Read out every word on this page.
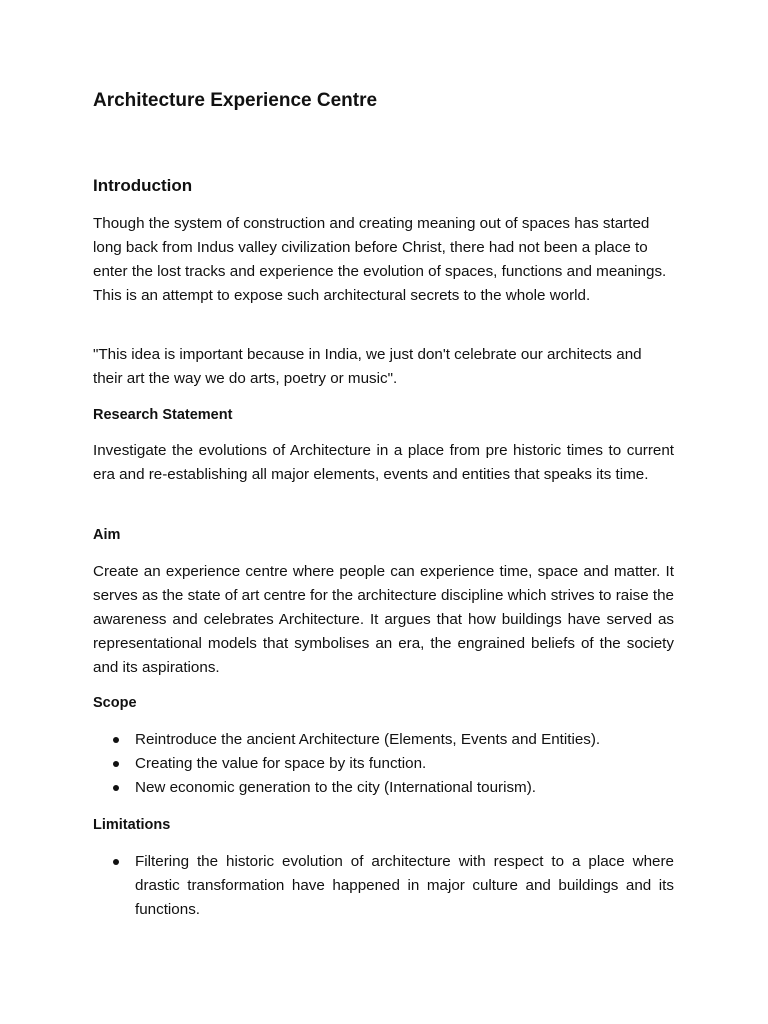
Architecture Experience Centre
Introduction

Though the system of construction and creating meaning out of spaces has started long back from Indus valley civilization before Christ, there had not been a place to enter the lost tracks and experience the evolution of spaces, functions and meanings. This is an attempt to expose such architectural secrets to the whole world.

"This idea is important because in India, we just don't celebrate our architects and their art the way we do arts, poetry or music".

Research Statement

Investigate the evolutions of Architecture in a place from pre historic times to current era and re-establishing all major elements, events and entities that speaks its time.

Aim

Create an experience centre where people can experience time, space and matter. It serves as the state of art centre for the architecture discipline which strives to raise the awareness and celebrates Architecture. It argues that how buildings have served as representational models that symbolises an era, the engrained beliefs of the society and its aspirations.

Scope
Reintroduce the ancient Architecture (Elements, Events and Entities).
Creating the value for space by its function.
New economic generation to the city (International tourism).
Limitations
Filtering the historic evolution of architecture with respect to a place where drastic transformation have happened in major culture and buildings and its functions.
